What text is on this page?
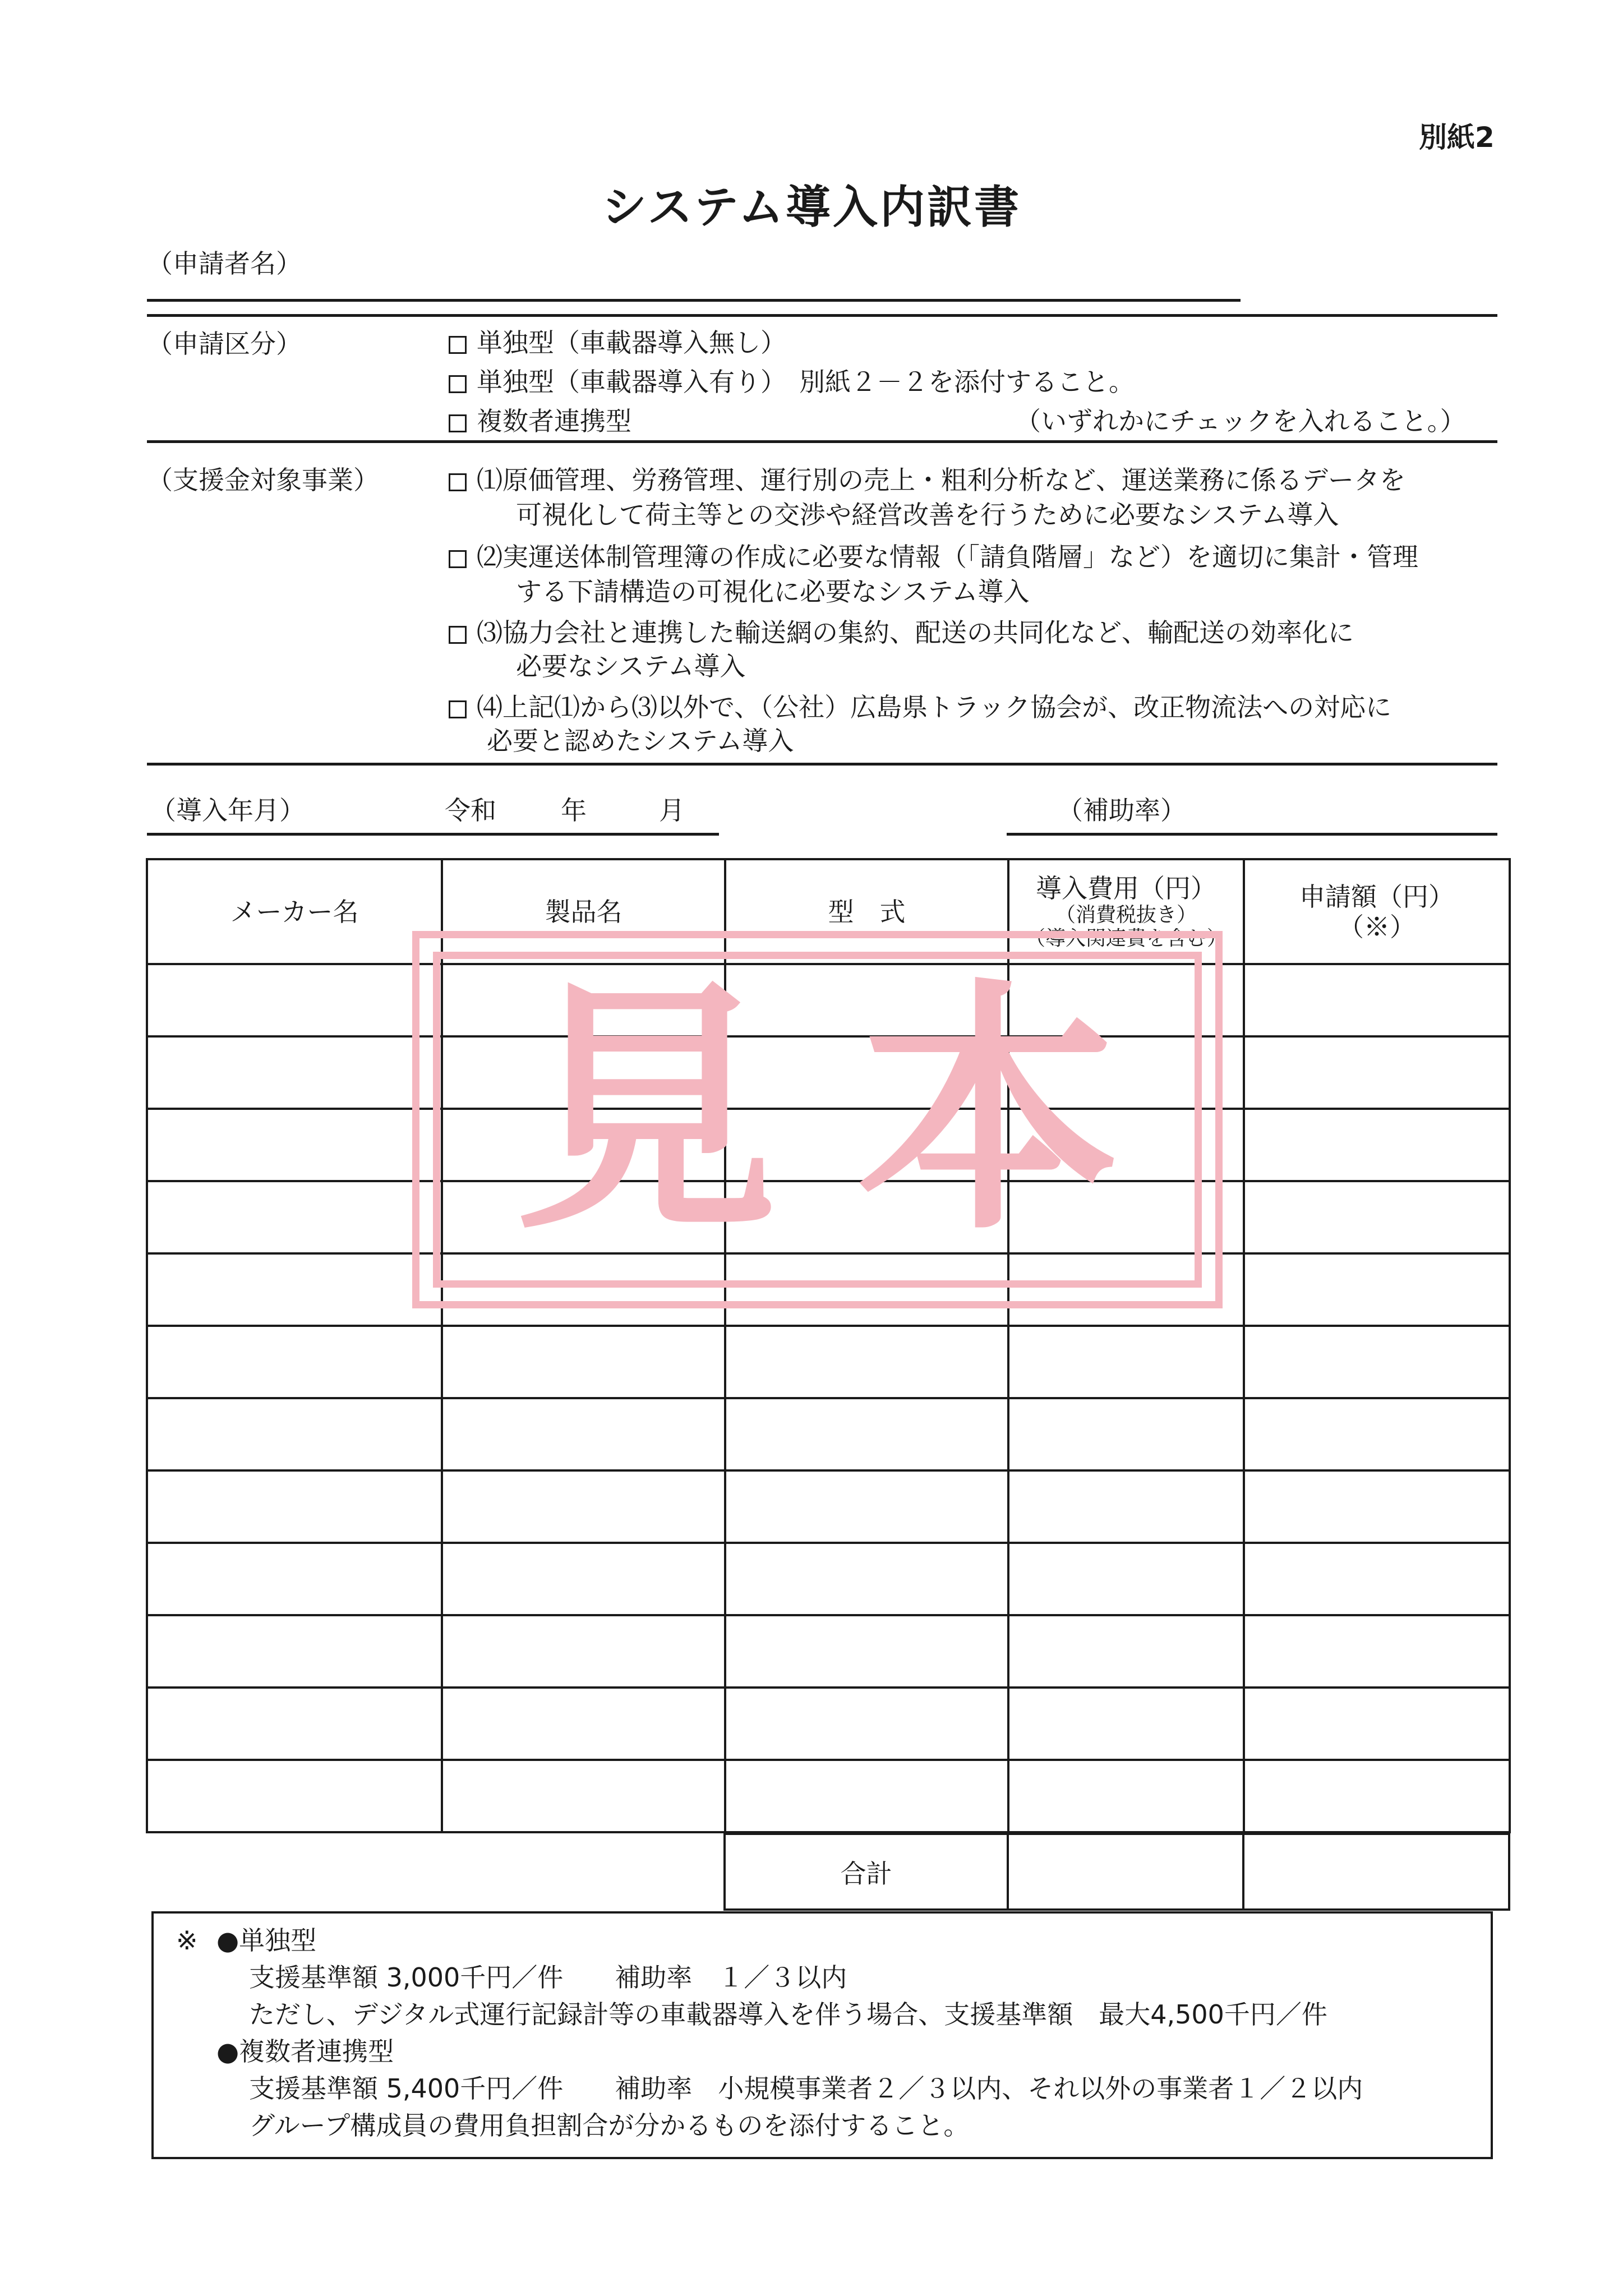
別紙2
システム導入内訳書
（申請者名）
（申請区分）	単独型（車載器導入無し）
単独型（車載器導入有り）　別紙２－２を添付すること。
複数者連携型	（いずれかにチェックを入れること。）
（支援金対象事業）	⑴原価管理、労務管理、運行別の売上・粗利分析など、運送業務に係るデータを
可視化して荷主等との交渉や経営改善を行うために必要なシステム導入
⑵実運送体制管理簿の作成に必要な情報（「請負階層」など）を適切に集計・管理
する下請構造の可視化に必要なシステム導入
⑶協力会社と連携した輸送網の集約、配送の共同化など、輸配送の効率化に
必要なシステム導入
⑷上記⑴から⑶以外で、（公社）広島県トラック協会が、改正物流法への対応に
必要と認めたシステム導入
（導入年月）	令和	年	月	（補助率）
メーカー名	製品名	型　式	導入費用（円）
（消費税抜き）
（導入関連費を含む）	申請額（円）
（※）

合計		
見本
※ ●単独型
支援基準額 3,000千円／件　　補助率　１／３以内
ただし、デジタル式運行記録計等の車載器導入を伴う場合、支援基準額　最大4,500千円／件
●複数者連携型
支援基準額 5,400千円／件　　補助率　小規模事業者２／３以内、それ以外の事業者１／２以内
グループ構成員の費用負担割合が分かるものを添付すること。
